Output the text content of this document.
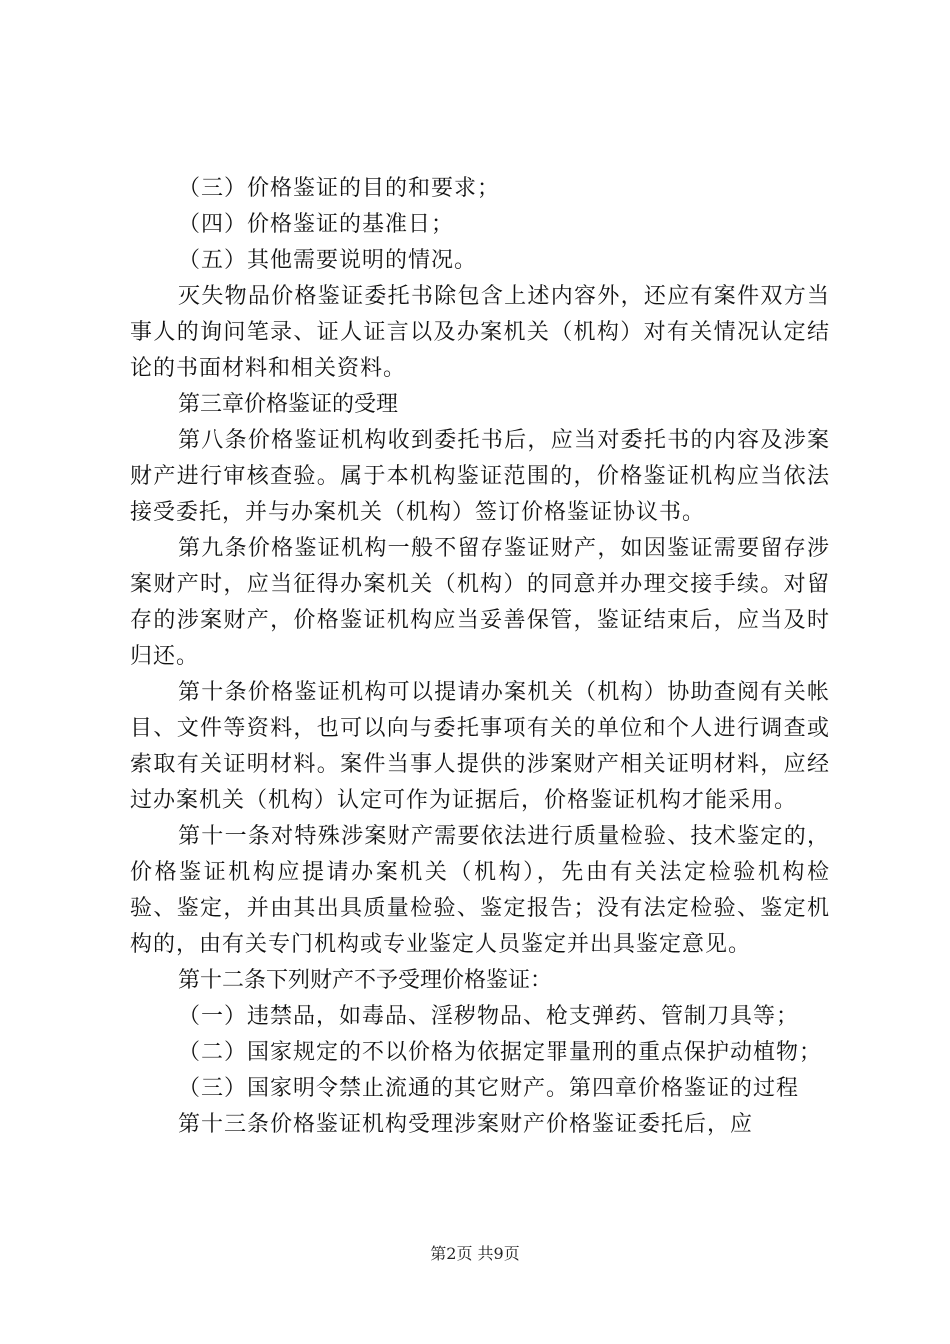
（三）价格鉴证的目的和要求；

（四）价格鉴证的基准日；

（五）其他需要说明的情况。

灭失物品价格鉴证委托书除包含上述内容外，还应有案件双方当事人的询问笔录、证人证言以及办案机关（机构）对有关情况认定结论的书面材料和相关资料。

第三章价格鉴证的受理

第八条价格鉴证机构收到委托书后，应当对委托书的内容及涉案财产进行审核查验。属于本机构鉴证范围的，价格鉴证机构应当依法接受委托，并与办案机关（机构）签订价格鉴证协议书。

第九条价格鉴证机构一般不留存鉴证财产，如因鉴证需要留存涉案财产时，应当征得办案机关（机构）的同意并办理交接手续。对留存的涉案财产，价格鉴证机构应当妥善保管，鉴证结束后，应当及时归还。

第十条价格鉴证机构可以提请办案机关（机构）协助查阅有关帐目、文件等资料，也可以向与委托事项有关的单位和个人进行调查或索取有关证明材料。案件当事人提供的涉案财产相关证明材料，应经过办案机关（机构）认定可作为证据后，价格鉴证机构才能采用。

第十一条对特殊涉案财产需要依法进行质量检验、技术鉴定的，价格鉴证机构应提请办案机关（机构），先由有关法定检验机构检验、鉴定，并由其出具质量检验、鉴定报告；没有法定检验、鉴定机构的，由有关专门机构或专业鉴定人员鉴定并出具鉴定意见。

第十二条下列财产不予受理价格鉴证：

（一）违禁品，如毒品、淫秽物品、枪支弹药、管制刀具等；

（二）国家规定的不以价格为依据定罪量刑的重点保护动植物；

（三）国家明令禁止流通的其它财产。第四章价格鉴证的过程

第十三条价格鉴证机构受理涉案财产价格鉴证委托后，应

第2页 共9页
